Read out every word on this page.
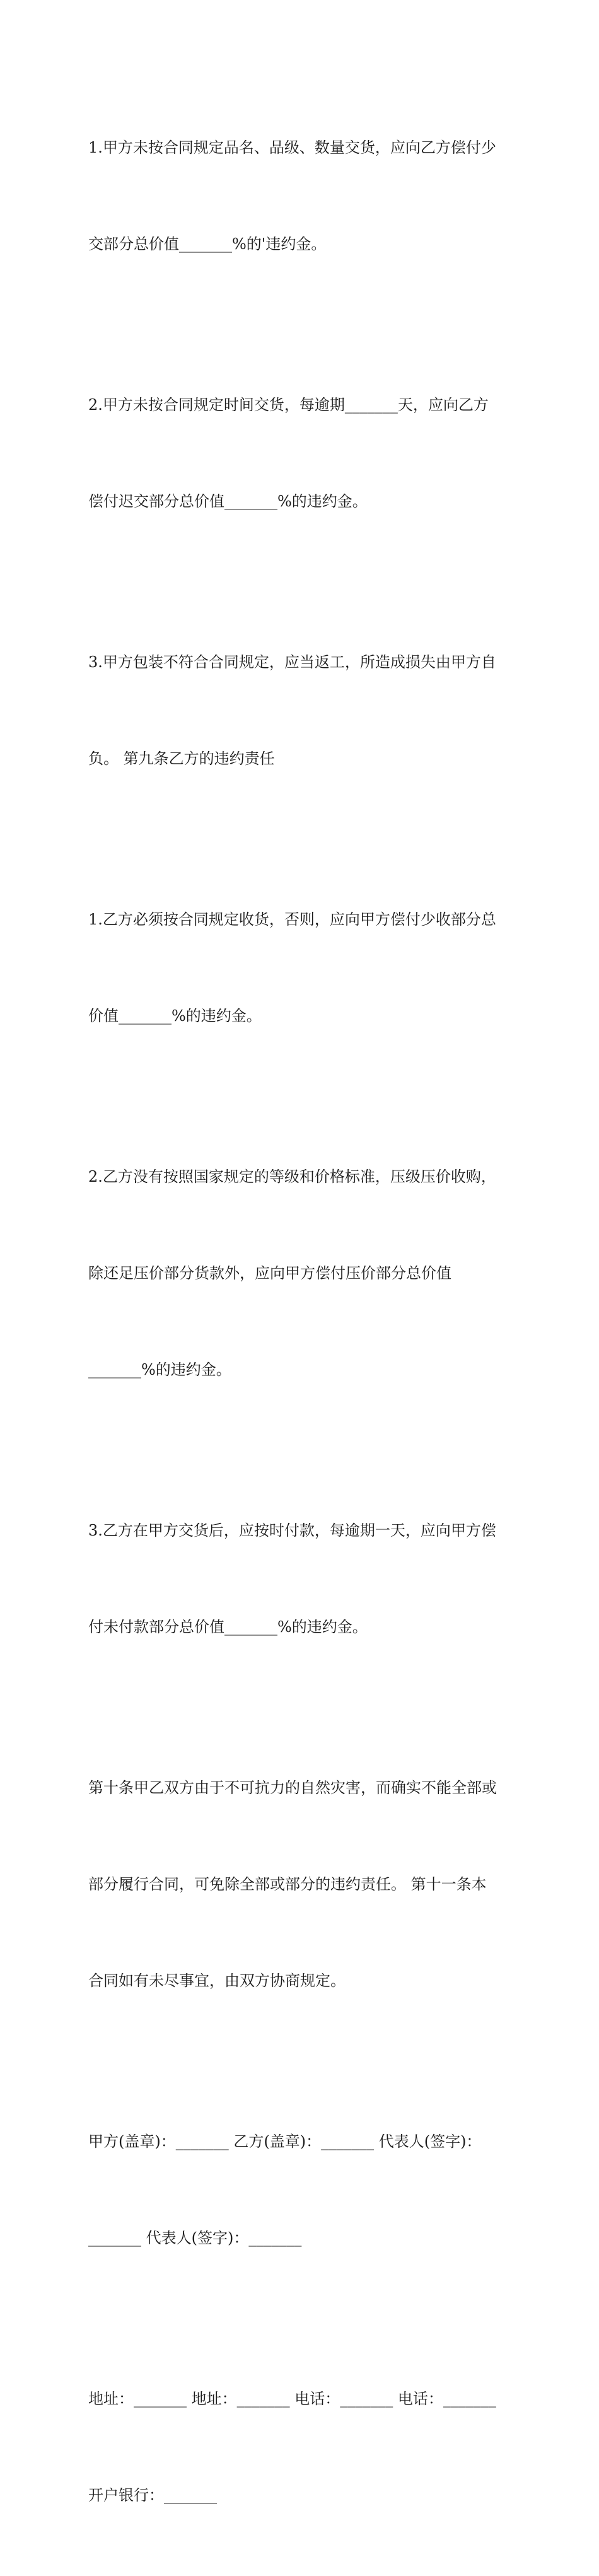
1.甲方未按合同规定品名、品级、数量交货，应向乙方偿付少

交部分总价值_______%的'违约金。

2.甲方未按合同规定时间交货，每逾期_______天，应向乙方

偿付迟交部分总价值_______%的违约金。

3.甲方包装不符合合同规定，应当返工，所造成损失由甲方自

负。 第九条乙方的违约责任

1.乙方必须按合同规定收货，否则，应向甲方偿付少收部分总

价值_______%的违约金。

2.乙方没有按照国家规定的等级和价格标准，压级压价收购，

除还足压价部分货款外，应向甲方偿付压价部分总价值

_______%的违约金。

3.乙方在甲方交货后，应按时付款，每逾期一天，应向甲方偿

付未付款部分总价值_______%的违约金。

第十条甲乙双方由于不可抗力的自然灾害，而确实不能全部或

部分履行合同，可免除全部或部分的违约责任。 第十一条本

合同如有未尽事宜，由双方协商规定。

甲方(盖章)：_______ 乙方(盖章)：_______ 代表人(签字)：

_______ 代表人(签字)：_______

地址：_______ 地址：_______ 电话：_______ 电话：_______

开户银行：_______
